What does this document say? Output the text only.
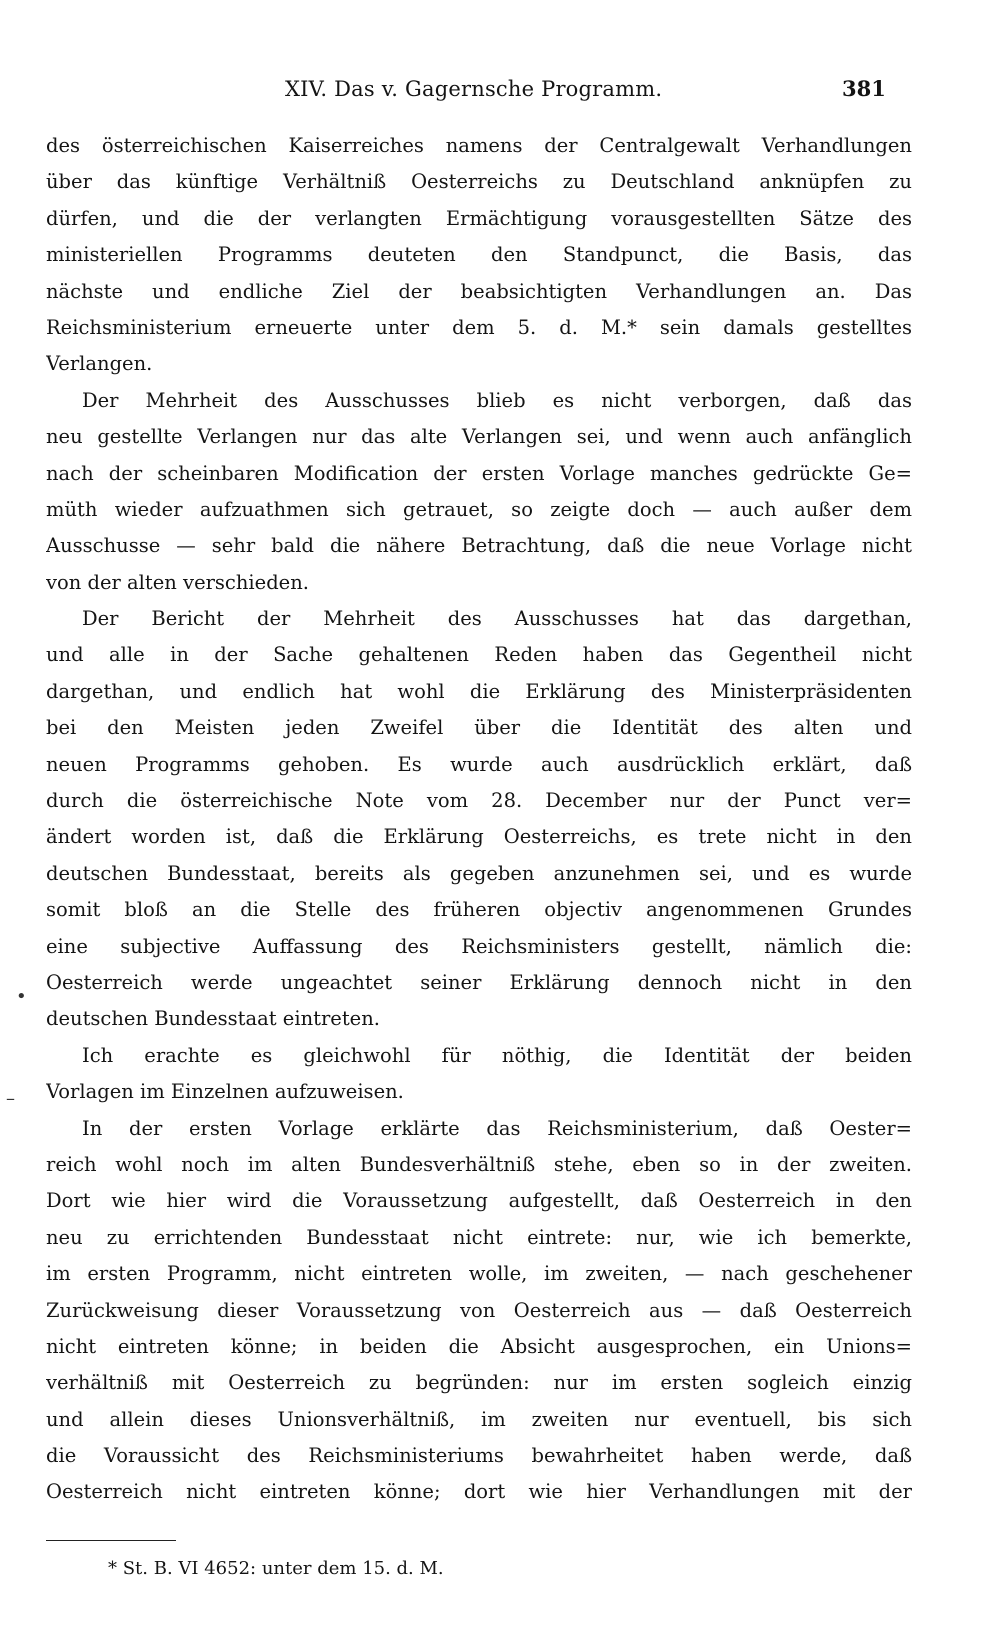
XIV. Das v. Gagernsche Programm.	381
des österreichischen Kaiserreiches namens der Centralgewalt Verhandlungen
über das künftige Verhältniß Oesterreichs zu Deutschland anknüpfen zu
dürfen, und die der verlangten Ermächtigung vorausgestellten Sätze des
ministeriellen Programms deuteten den Standpunct, die Basis, das
nächste und endliche Ziel der beabsichtigten Verhandlungen an. Das
Reichsministerium erneuerte unter dem 5. d. M.* sein damals gestelltes
Verlangen.
Der Mehrheit des Ausschusses blieb es nicht verborgen, daß das
neu gestellte Verlangen nur das alte Verlangen sei, und wenn auch anfänglich
nach der scheinbaren Modification der ersten Vorlage manches gedrückte Ge=
müth wieder aufzuathmen sich getrauet, so zeigte doch — auch außer dem
Ausschusse — sehr bald die nähere Betrachtung, daß die neue Vorlage nicht
von der alten verschieden.
Der Bericht der Mehrheit des Ausschusses hat das dargethan,
und alle in der Sache gehaltenen Reden haben das Gegentheil nicht
dargethan, und endlich hat wohl die Erklärung des Ministerpräsidenten
bei den Meisten jeden Zweifel über die Identität des alten und
neuen Programms gehoben. Es wurde auch ausdrücklich erklärt, daß
durch die österreichische Note vom 28. December nur der Punct ver=
ändert worden ist, daß die Erklärung Oesterreichs, es trete nicht in den
deutschen Bundesstaat, bereits als gegeben anzunehmen sei, und es wurde
somit bloß an die Stelle des früheren objectiv angenommenen Grundes
eine subjective Auffassung des Reichsministers gestellt, nämlich die:
Oesterreich werde ungeachtet seiner Erklärung dennoch nicht in den
deutschen Bundesstaat eintreten.
Ich erachte es gleichwohl für nöthig, die Identität der beiden
Vorlagen im Einzelnen aufzuweisen.
In der ersten Vorlage erklärte das Reichsministerium, daß Oester=
reich wohl noch im alten Bundesverhältniß stehe, eben so in der zweiten.
Dort wie hier wird die Voraussetzung aufgestellt, daß Oesterreich in den
neu zu errichtenden Bundesstaat nicht eintrete: nur, wie ich bemerkte,
im ersten Programm, nicht eintreten wolle, im zweiten, — nach geschehener
Zurückweisung dieser Voraussetzung von Oesterreich aus — daß Oesterreich
nicht eintreten könne; in beiden die Absicht ausgesprochen, ein Unions=
verhältniß mit Oesterreich zu begründen: nur im ersten sogleich einzig
und allein dieses Unionsverhältniß, im zweiten nur eventuell, bis sich
die Voraussicht des Reichsministeriums bewahrheitet haben werde, daß
Oesterreich nicht eintreten könne; dort wie hier Verhandlungen mit der
* St. B. VI 4652: unter dem 15. d. M.
•
–
